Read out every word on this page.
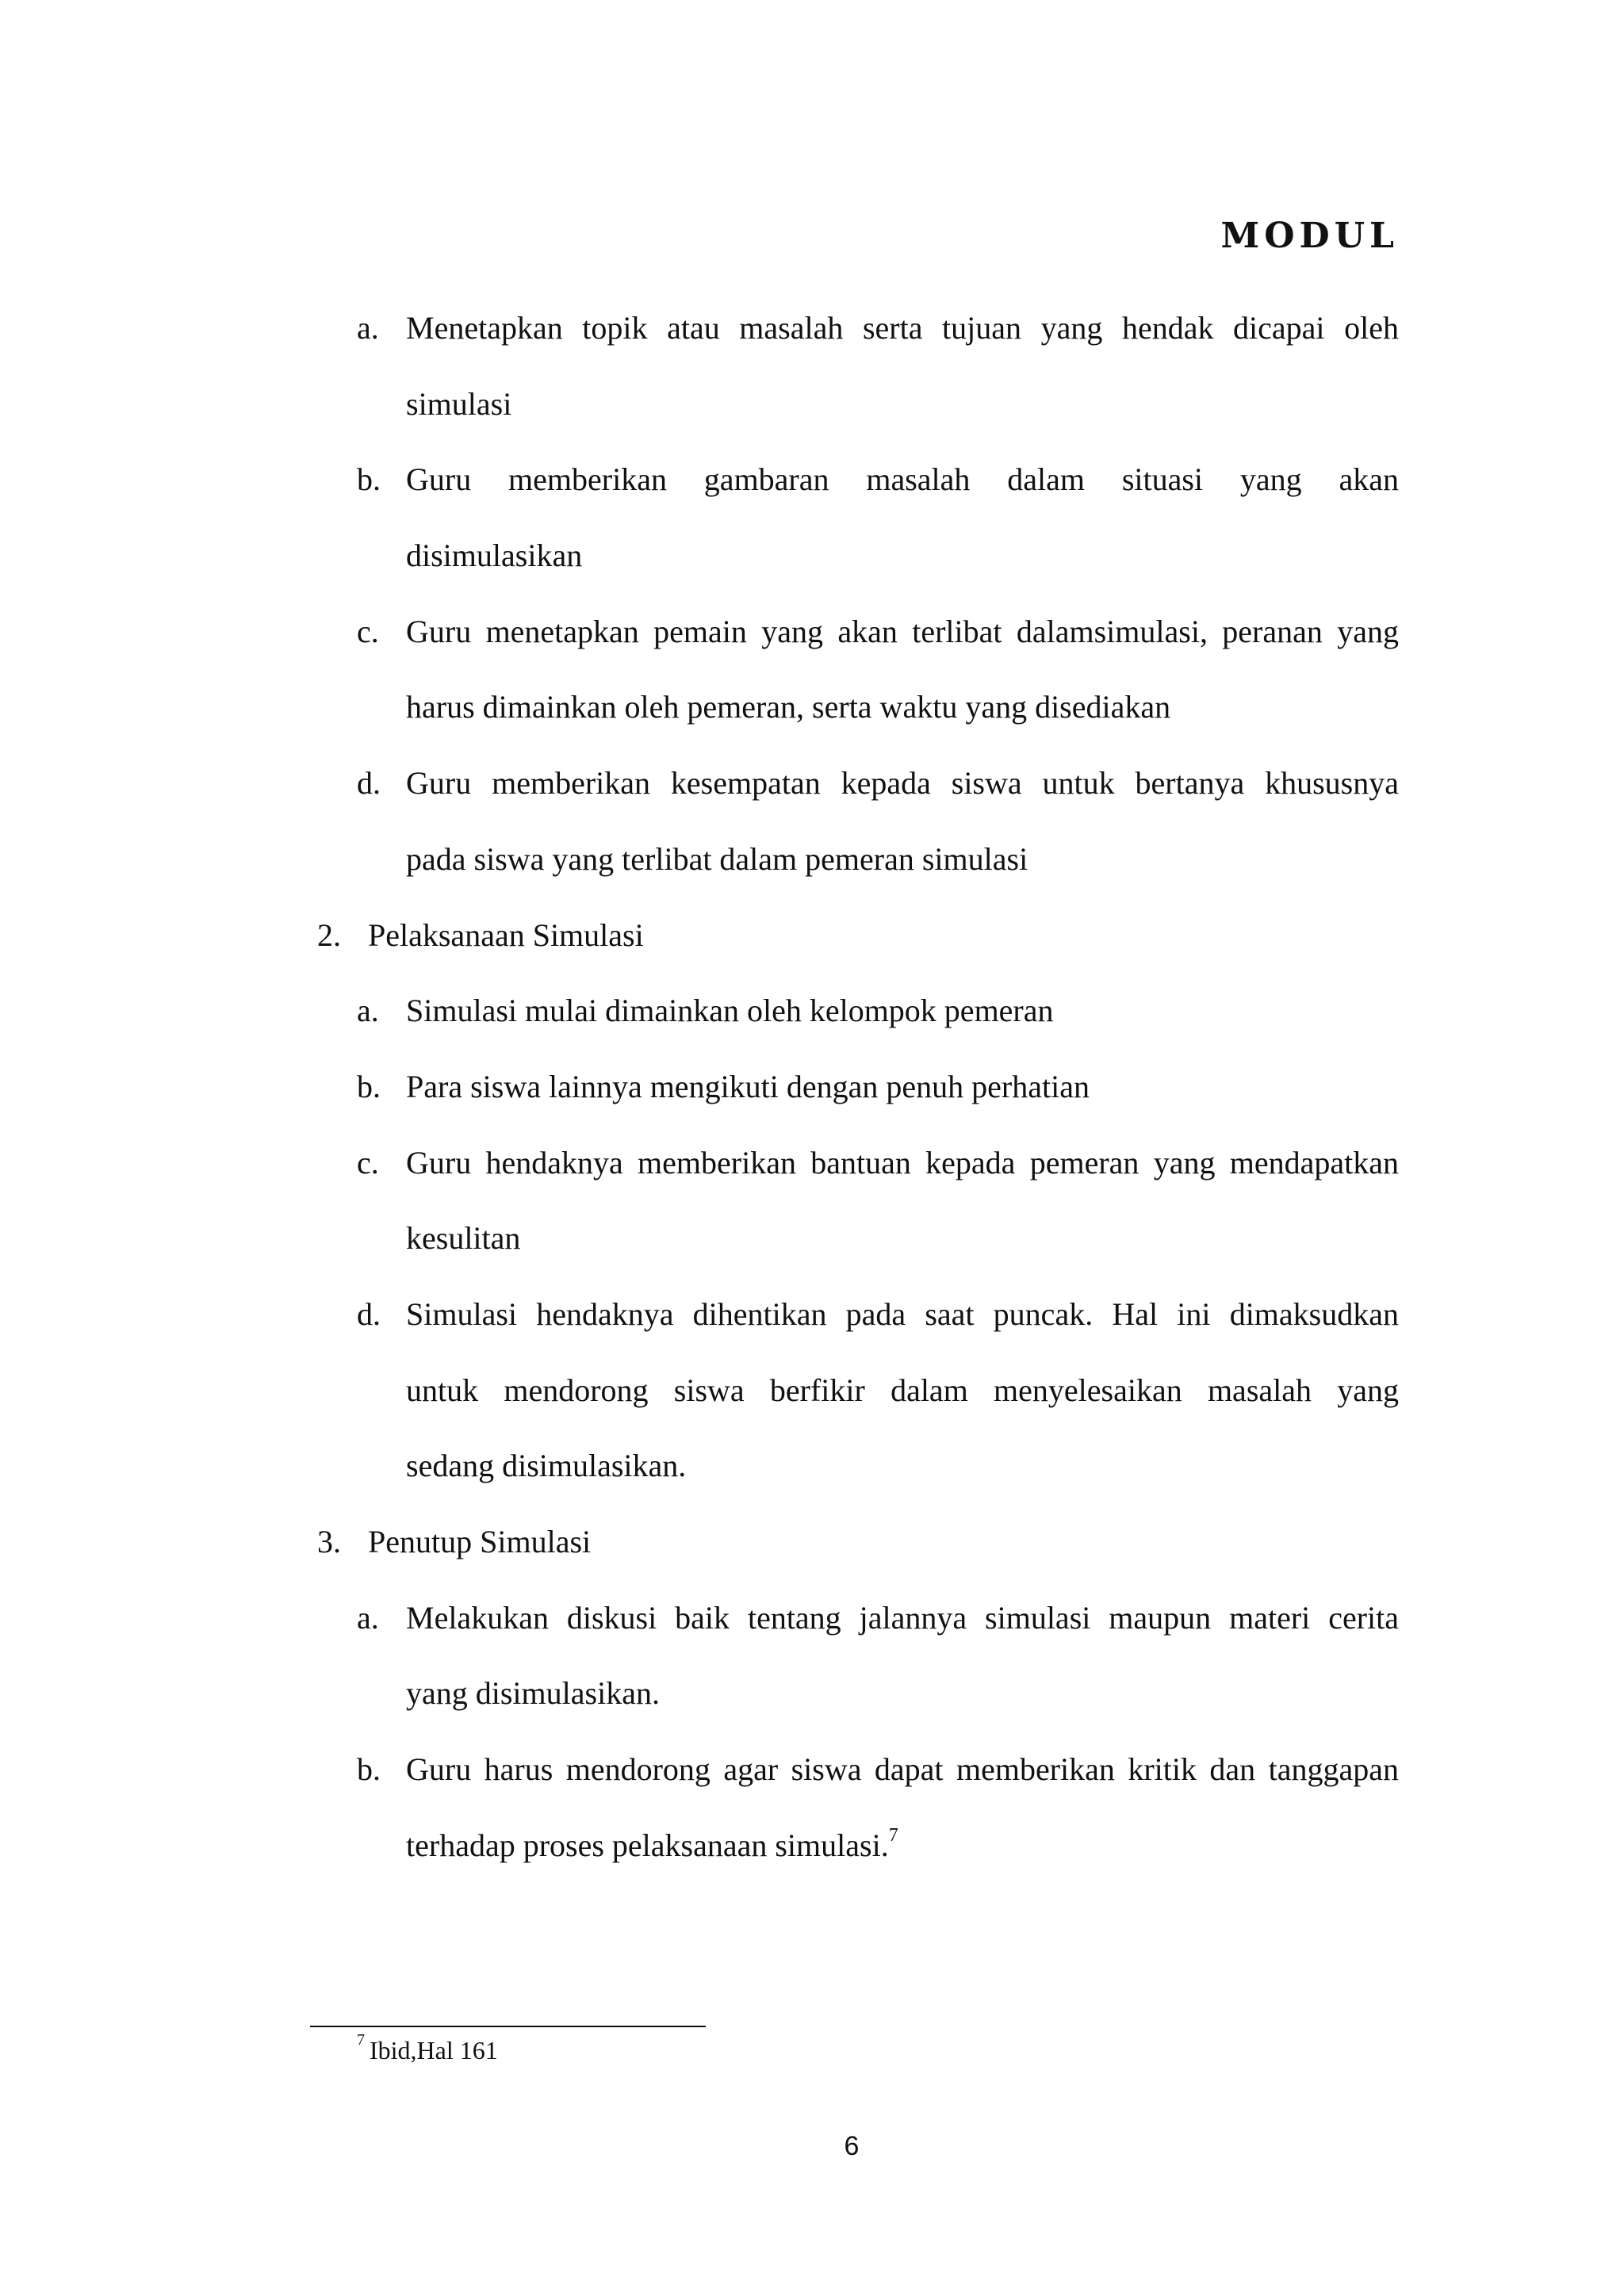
MODUL
a. Menetapkan topik atau masalah serta tujuan yang hendak dicapai oleh
simulasi
b. Guru memberikan gambaran masalah dalam situasi yang akan
disimulasikan
c. Guru menetapkan pemain yang akan terlibat dalamsimulasi, peranan yang
harus dimainkan oleh pemeran, serta waktu yang disediakan
d. Guru memberikan kesempatan kepada siswa untuk bertanya khususnya
pada siswa yang terlibat dalam pemeran simulasi
2. Pelaksanaan Simulasi
a. Simulasi mulai dimainkan oleh kelompok pemeran
b. Para siswa lainnya mengikuti dengan penuh perhatian
c. Guru hendaknya memberikan bantuan kepada pemeran yang mendapatkan
kesulitan
d. Simulasi hendaknya dihentikan pada saat puncak. Hal ini dimaksudkan
untuk mendorong siswa berfikir dalam menyelesaikan masalah yang
sedang disimulasikan.
3. Penutup Simulasi
a. Melakukan diskusi baik tentang jalannya simulasi maupun materi cerita
yang disimulasikan.
b. Guru harus mendorong agar siswa dapat memberikan kritik dan tanggapan
terhadap proses pelaksanaan simulasi.$^7$
$^7$ Ibid,Hal 161
6
